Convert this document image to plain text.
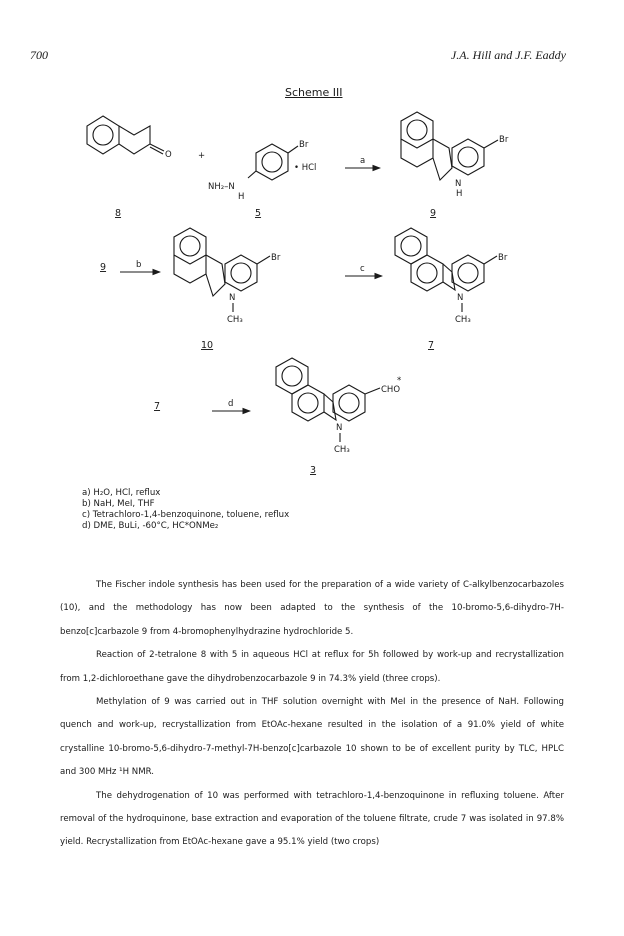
700	J.A. Hill and J.F. Eaddy
Scheme III
O
8
+
Br
• HCl
NH₂–N
H
5
a
Br
N
H
9
9	b
Br
N
CH₃
10
c
Br
N
CH₃
7
7	d
*
CHO
N
CH₃
3
a) H₂O, HCl, reflux
b) NaH, MeI, THF
c) Tetrachloro-1,4-benzoquinone, toluene, reflux
d) DME, BuLi, -60°C, HC*ONMe₂

The Fischer indole synthesis has been used for the preparation of a wide variety of C-alkylbenzocarbazoles (10), and the methodology has now been adapted to the synthesis of the 10-bromo-5,6-dihydro-7H-benzo[c]carbazole 9 from 4-bromophenylhydrazine hydrochloride 5.

Reaction of 2-tetralone 8 with 5 in aqueous HCl at reflux for 5h followed by work-up and recrystallization from 1,2-dichloroethane gave the dihydrobenzocarbazole 9 in 74.3% yield (three crops).

Methylation of 9 was carried out in THF solution overnight with MeI in the presence of NaH. Following quench and work-up, recrystallization from EtOAc-hexane resulted in the isolation of a 91.0% yield of white crystalline 10-bromo-5,6-dihydro-7-methyl-7H-benzo[c]carbazole 10 shown to be of excellent purity by TLC, HPLC and 300 MHz ¹H NMR.

The dehydrogenation of 10 was performed with tetrachloro-1,4-benzoquinone in refluxing toluene. After removal of the hydroquinone, base extraction and evaporation of the toluene filtrate, crude 7 was isolated in 97.8% yield. Recrystallization from EtOAc-hexane gave a 95.1% yield (two crops)
